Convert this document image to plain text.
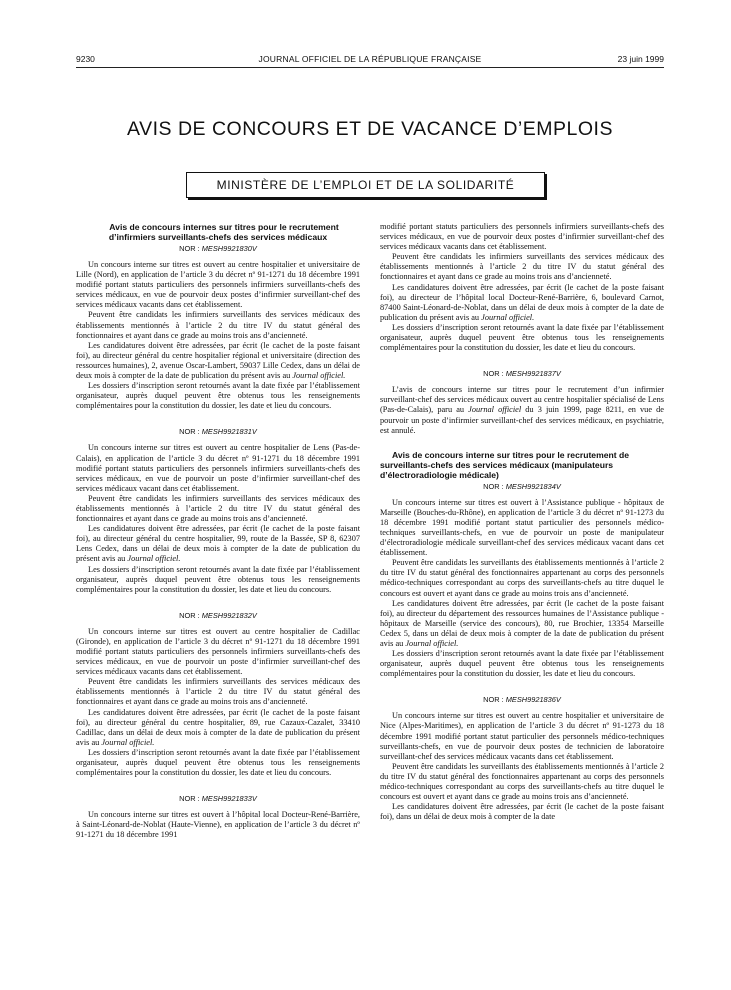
9230	JOURNAL OFFICIEL DE LA RÉPUBLIQUE FRANÇAISE	23 juin 1999
AVIS DE CONCOURS ET DE VACANCE D’EMPLOIS
MINISTÈRE DE L’EMPLOI ET DE LA SOLIDARITÉ

Avis de concours internes sur titres pour le recrutement d’infirmiers surveillants-chefs des services médicaux

NOR : MESH9921830V

Un concours interne sur titres est ouvert au centre hospitalier et universitaire de Lille (Nord), en application de l’article 3 du décret nº 91-1271 du 18 décembre 1991 modifié portant statuts particuliers des personnels infirmiers surveillants-chefs des services médicaux, en vue de pourvoir deux postes d’infirmier surveillant-chef des services médicaux vacants dans cet établissement.

Peuvent être candidats les infirmiers surveillants des services médicaux des établissements mentionnés à l’article 2 du titre IV du statut général des fonctionnaires et ayant dans ce grade au moins trois ans d’ancienneté.

Les candidatures doivent être adressées, par écrit (le cachet de la poste faisant foi), au directeur général du centre hospitalier régional et universitaire (direction des ressources humaines), 2, avenue Oscar-Lambert, 59037 Lille Cedex, dans un délai de deux mois à compter de la date de publication du présent avis au Journal officiel.

Les dossiers d’inscription seront retournés avant la date fixée par l’établissement organisateur, auprès duquel peuvent être obtenus tous les renseignements complémentaires pour la constitution du dossier, les date et lieu du concours.

NOR : MESH9921831V

Un concours interne sur titres est ouvert au centre hospitalier de Lens (Pas-de-Calais), en application de l’article 3 du décret nº 91-1271 du 18 décembre 1991 modifié portant statuts particuliers des personnels infirmiers surveillants-chefs des services médicaux, en vue de pourvoir un poste d’infirmier surveillant-chef des services médicaux vacant dans cet établissement.

Peuvent être candidats les infirmiers surveillants des services médicaux des établissements mentionnés à l’article 2 du titre IV du statut général des fonctionnaires et ayant dans ce grade au moins trois ans d’ancienneté.

Les candidatures doivent être adressées, par écrit (le cachet de la poste faisant foi), au directeur général du centre hospitalier, 99, route de la Bassée, SP 8, 62307 Lens Cedex, dans un délai de deux mois à compter de la date de publication du présent avis au Journal officiel.

Les dossiers d’inscription seront retournés avant la date fixée par l’établissement organisateur, auprès duquel peuvent être obtenus tous les renseignements complémentaires pour la constitution du dossier, les date et lieu du concours.

NOR : MESH9921832V

Un concours interne sur titres est ouvert au centre hospitalier de Cadillac (Gironde), en application de l’article 3 du décret nº 91-1271 du 18 décembre 1991 modifié portant statuts particuliers des personnels infirmiers surveillants-chefs des services médicaux, en vue de pourvoir un poste d’infirmier surveillant-chef des services médicaux vacants dans cet établissement.

Peuvent être candidats les infirmiers surveillants des services médicaux des établissements mentionnés à l’article 2 du titre IV du statut général des fonctionnaires et ayant dans ce grade au moins trois ans d’ancienneté.

Les candidatures doivent être adressées, par écrit (le cachet de la poste faisant foi), au directeur général du centre hospitalier, 89, rue Cazaux-Cazalet, 33410 Cadillac, dans un délai de deux mois à compter de la date de publication du présent avis au Journal officiel.

Les dossiers d’inscription seront retournés avant la date fixée par l’établissement organisateur, auprès duquel peuvent être obtenus tous les renseignements complémentaires pour la constitution du dossier, les date et lieu du concours.

NOR : MESH9921833V

Un concours interne sur titres est ouvert à l’hôpital local Docteur-René-Barrière, à Saint-Léonard-de-Noblat (Haute-Vienne), en application de l’article 3 du décret nº 91-1271 du 18 décembre 1991

modifié portant statuts particuliers des personnels infirmiers surveillants-chefs des services médicaux, en vue de pourvoir deux postes d’infirmier surveillant-chef des services médicaux vacants dans cet établissement.

Peuvent être candidats les infirmiers surveillants des services médicaux des établissements mentionnés à l’article 2 du titre IV du statut général des fonctionnaires et ayant dans ce grade au moins trois ans d’ancienneté.

Les candidatures doivent être adressées, par écrit (le cachet de la poste faisant foi), au directeur de l’hôpital local Docteur-René-Barrière, 6, boulevard Carnot, 87400 Saint-Léonard-de-Noblat, dans un délai de deux mois à compter de la date de publication du présent avis au Journal officiel.

Les dossiers d’inscription seront retournés avant la date fixée par l’établissement organisateur, auprès duquel peuvent être obtenus tous les renseignements complémentaires pour la constitution du dossier, les date et lieu du concours.

NOR : MESH9921837V

L’avis de concours interne sur titres pour le recrutement d’un infirmier surveillant-chef des services médicaux ouvert au centre hospitalier spécialisé de Lens (Pas-de-Calais), paru au Journal officiel du 3 juin 1999, page 8211, en vue de pourvoir un poste d’infirmier surveillant-chef des services médicaux, en psychiatrie, est annulé.

Avis de concours interne sur titres pour le recrutement de surveillants-chefs des services médicaux (manipulateurs d’électroradiologie médicale)

NOR : MESH9921834V

Un concours interne sur titres est ouvert à l’Assistance publique - hôpitaux de Marseille (Bouches-du-Rhône), en application de l’article 3 du décret nº 91-1273 du 18 décembre 1991 modifié portant statut particulier des personnels médico-techniques surveillants-chefs, en vue de pourvoir un poste de manipulateur d’électroradiologie médicale surveillant-chef des services médicaux vacant dans cet établissement.

Peuvent être candidats les surveillants des établissements mentionnés à l’article 2 du titre IV du statut général des fonctionnaires appartenant au corps des personnels médico-techniques correspondant au corps des surveillants-chefs au titre duquel le concours est ouvert et ayant dans ce grade au moins trois ans d’ancienneté.

Les candidatures doivent être adressées, par écrit (le cachet de la poste faisant foi), au directeur du département des ressources humaines de l’Assistance publique - hôpitaux de Marseille (service des concours), 80, rue Brochier, 13354 Marseille Cedex 5, dans un délai de deux mois à compter de la date de publication du présent avis au Journal officiel.

Les dossiers d’inscription seront retournés avant la date fixée par l’établissement organisateur, auprès duquel peuvent être obtenus tous les renseignements complémentaires pour la constitution du dossier, les date et lieu du concours.

NOR : MESH9921836V

Un concours interne sur titres est ouvert au centre hospitalier et universitaire de Nice (Alpes-Maritimes), en application de l’article 3 du décret nº 91-1273 du 18 décembre 1991 modifié portant statut particulier des personnels médico-techniques surveillants-chefs, en vue de pourvoir deux postes de technicien de laboratoire surveillant-chef des services médicaux vacants dans cet établissement.

Peuvent être candidats les surveillants des établissements mentionnés à l’article 2 du titre IV du statut général des fonctionnaires appartenant au corps des personnels médico-techniques correspondant au corps des surveillants-chefs au titre duquel le concours est ouvert et ayant dans ce grade au moins trois ans d’ancienneté.

Les candidatures doivent être adressées, par écrit (le cachet de la poste faisant foi), dans un délai de deux mois à compter de la date
